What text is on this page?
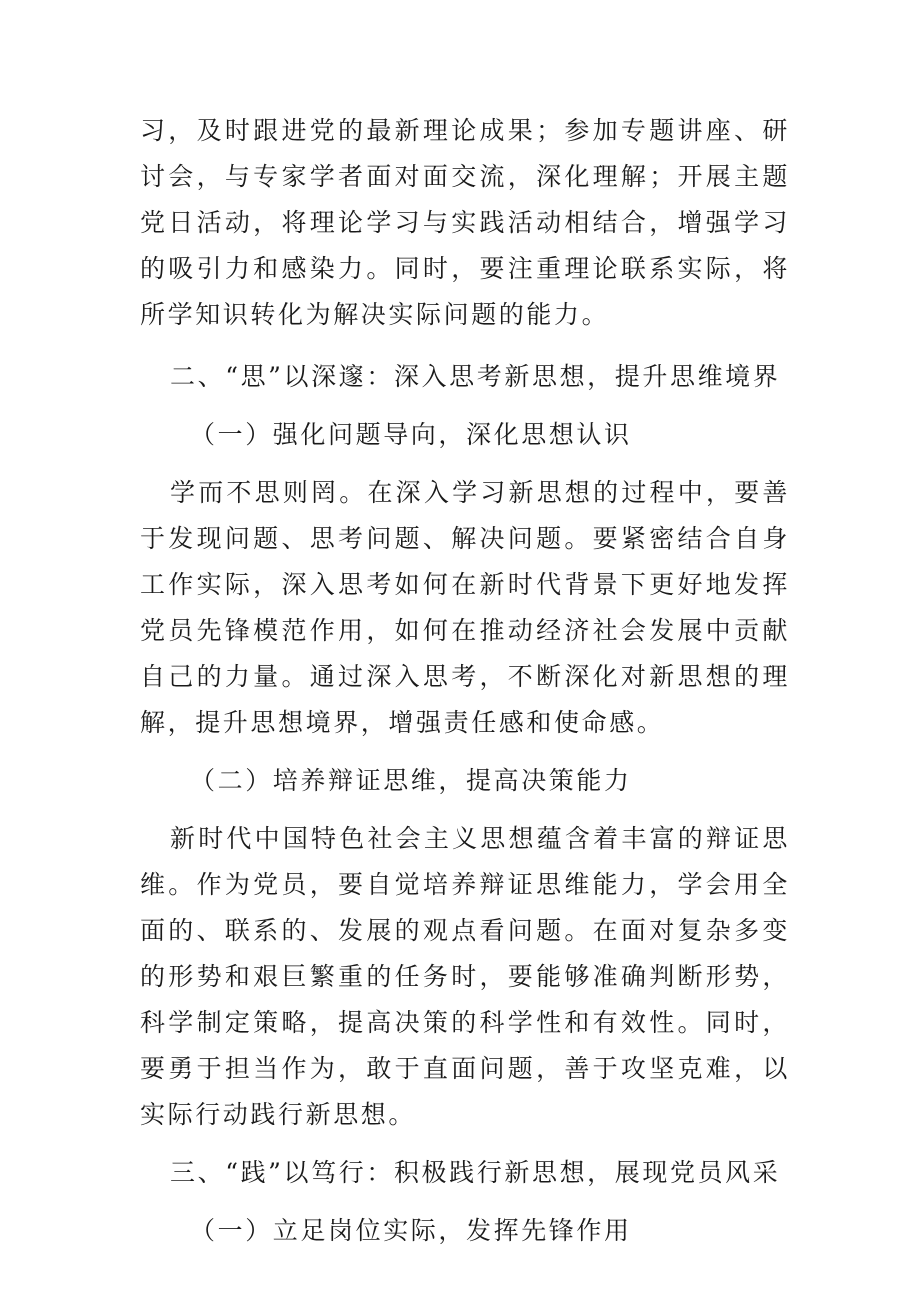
习，及时跟进党的最新理论成果；参加专题讲座、研讨会，与专家学者面对面交流，深化理解；开展主题党日活动，将理论学习与实践活动相结合，增强学习的吸引力和感染力。同时，要注重理论联系实际，将所学知识转化为解决实际问题的能力。

二、“思”以深邃：深入思考新思想，提升思维境界

（一）强化问题导向，深化思想认识

学而不思则罔。在深入学习新思想的过程中，要善于发现问题、思考问题、解决问题。要紧密结合自身工作实际，深入思考如何在新时代背景下更好地发挥党员先锋模范作用，如何在推动经济社会发展中贡献自己的力量。通过深入思考，不断深化对新思想的理解，提升思想境界，增强责任感和使命感。

（二）培养辩证思维，提高决策能力

新时代中国特色社会主义思想蕴含着丰富的辩证思维。作为党员，要自觉培养辩证思维能力，学会用全面的、联系的、发展的观点看问题。在面对复杂多变的形势和艰巨繁重的任务时，要能够准确判断形势，科学制定策略，提高决策的科学性和有效性。同时，要勇于担当作为，敢于直面问题，善于攻坚克难，以实际行动践行新思想。

三、“践”以笃行：积极践行新思想，展现党员风采

（一）立足岗位实际，发挥先锋作用
